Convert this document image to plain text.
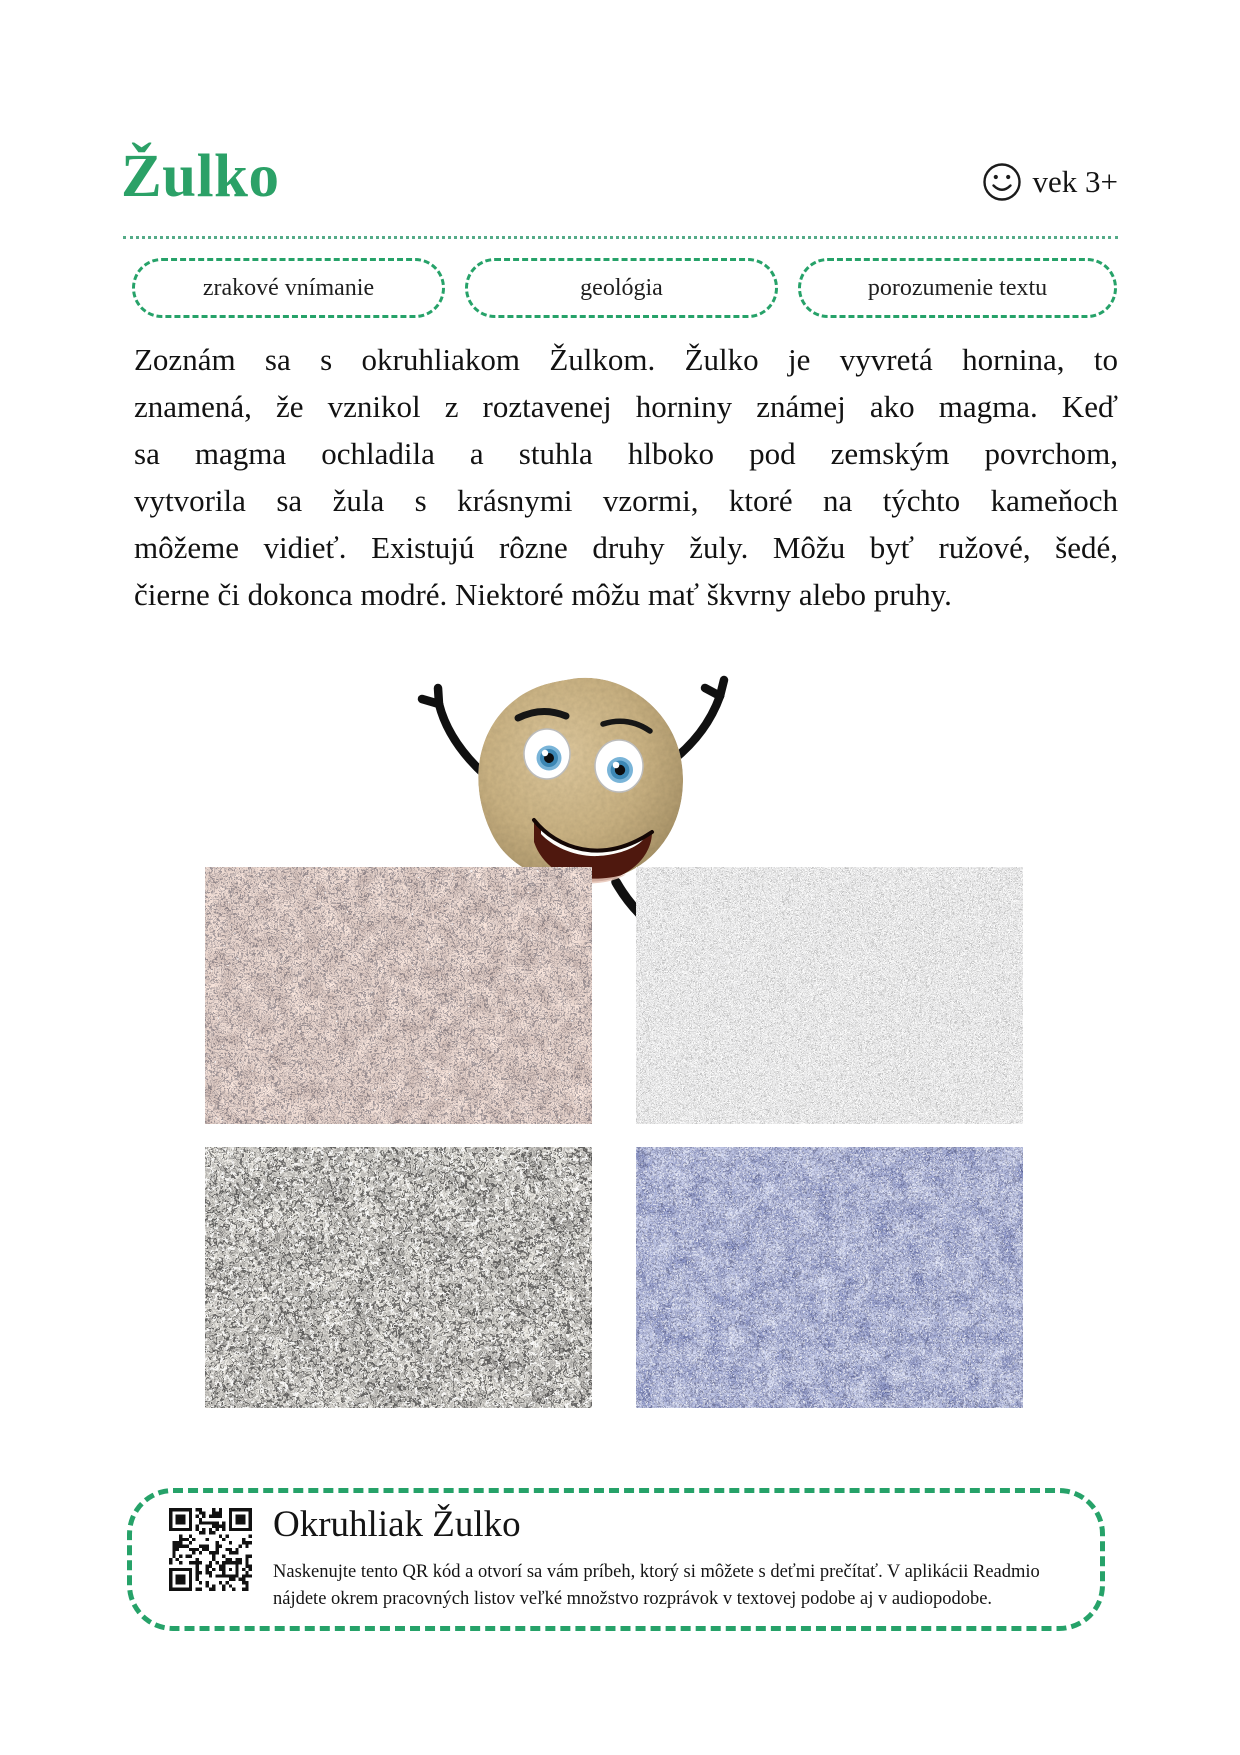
Žulko	vek 3+
zrakové vnímanie	geológia	porozumenie textu
Zoznám sa s okruhliakom Žulkom. Žulko je vyvretá hornina, to
znamená, že vznikol z roztavenej horniny známej ako magma. Keď
sa magma ochladila a stuhla hlboko pod zemským povrchom,
vytvorila sa žula s krásnymi vzormi, ktoré na týchto kameňoch
môžeme vidieť. Existujú rôzne druhy žuly. Môžu byť ružové, šedé,
čierne či dokonca modré. Niektoré môžu mať škvrny alebo pruhy.
Okruhliak Žulko
Naskenujte tento QR kód a otvorí sa vám príbeh, ktorý si môžete s deťmi prečítať. V aplikácii Readmio
nájdete okrem pracovných listov veľké množstvo rozprávok v textovej podobe aj v audiopodobe.
